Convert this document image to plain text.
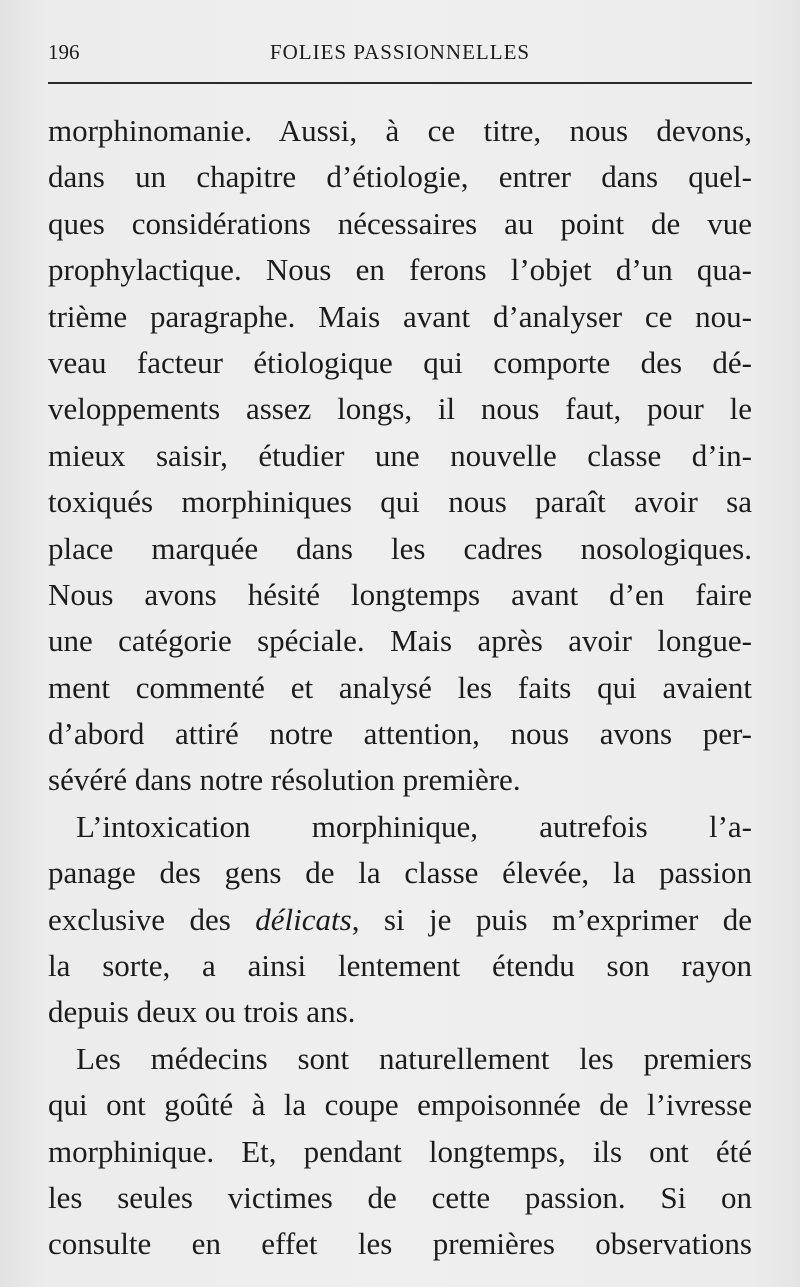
196	FOLIES PASSIONNELLES
morphinomanie. Aussi, à ce titre, nous devons,
dans un chapitre d’étiologie, entrer dans quel-
ques considérations nécessaires au point de vue
prophylactique. Nous en ferons l’objet d’un qua-
trième paragraphe. Mais avant d’analyser ce nou-
veau facteur étiologique qui comporte des dé-
veloppements assez longs, il nous faut, pour le
mieux saisir, étudier une nouvelle classe d’in-
toxiqués morphiniques qui nous paraît avoir sa
place marquée dans les cadres nosologiques.
Nous avons hésité longtemps avant d’en faire
une catégorie spéciale. Mais après avoir longue-
ment commenté et analysé les faits qui avaient
d’abord attiré notre attention, nous avons per-
sévéré dans notre résolution première.
L’intoxication morphinique, autrefois l’a-
panage des gens de la classe élevée, la passion
exclusive des délicats, si je puis m’exprimer de
la sorte, a ainsi lentement étendu son rayon
depuis deux ou trois ans.
Les médecins sont naturellement les premiers
qui ont goûté à la coupe empoisonnée de l’ivresse
morphinique. Et, pendant longtemps, ils ont été
les seules victimes de cette passion. Si on
consulte en effet les premières observations
